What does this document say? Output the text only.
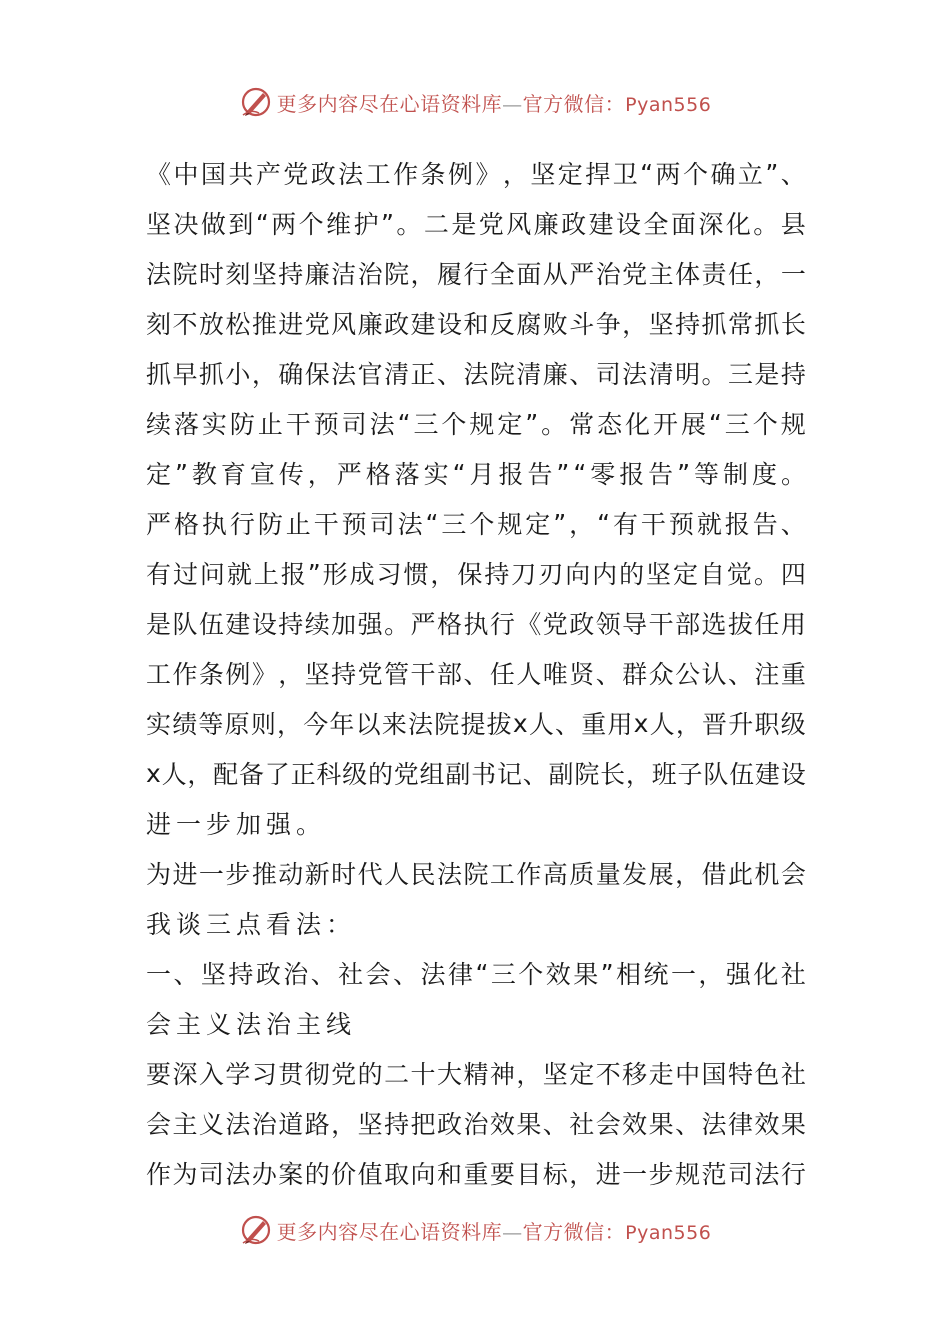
更多内容尽在心语资料库—官方微信：Pyan556
《 中 国 共 产 党 政 法 工 作 条 例 》 ， 坚 定 捍 卫 “ 两 个 确 立 ” 、
坚 决 做 到 “ 两 个 维 护 ” 。 二 是 党 风 廉 政 建 设 全 面 深 化 。 县
法 院 时 刻 坚 持 廉 洁 治 院 ， 履 行 全 面 从 严 治 党 主 体 责 任 ， 一
刻 不 放 松 推 进 党 风 廉 政 建 设 和 反 腐 败 斗 争 ， 坚 持 抓 常 抓 长
抓 早 抓 小 ， 确 保 法 官 清 正 、 法 院 清 廉 、 司 法 清 明 。 三 是 持
续 落 实 防 止 干 预 司 法 “ 三 个 规 定 ” 。 常 态 化 开 展 “ 三 个 规
定 ” 教 育 宣 传 ， 严 格 落 实 “ 月 报 告 ” “ 零 报 告 ” 等 制 度 。
严 格 执 行 防 止 干 预 司 法 “ 三 个 规 定 ” ， “ 有 干 预 就 报 告 、
有 过 问 就 上 报 ” 形 成 习 惯 ， 保 持 刀 刃 向 内 的 坚 定 自 觉 。 四
是 队 伍 建 设 持 续 加 强 。 严 格 执 行 《 党 政 领 导 干 部 选 拔 任 用
工 作 条 例 》 ， 坚 持 党 管 干 部 、 任 人 唯 贤 、 群 众 公 认 、 注 重
实 绩 等 原 则 ， 今 年 以 来 法 院 提 拔 x 人 、 重 用 x 人 ， 晋 升 职 级
x 人 ， 配 备 了 正 科 级 的 党 组 副 书 记 、 副 院 长 ， 班 子 队 伍 建 设
进一步加强。
为 进 一 步 推 动 新 时 代 人 民 法 院 工 作 高 质 量 发 展 ， 借 此 机 会
我谈三点看法：
一 、 坚 持 政 治 、 社 会 、 法 律 “ 三 个 效 果 ” 相 统 一 ， 强 化 社
会主义法治主线
要 深 入 学 习 贯 彻 党 的 二 十 大 精 神 ， 坚 定 不 移 走 中 国 特 色 社
会 主 义 法 治 道 路 ， 坚 持 把 政 治 效 果 、 社 会 效 果 、 法 律 效 果
作 为 司 法 办 案 的 价 值 取 向 和 重 要 目 标 ， 进 一 步 规 范 司 法 行
更多内容尽在心语资料库—官方微信：Pyan556
